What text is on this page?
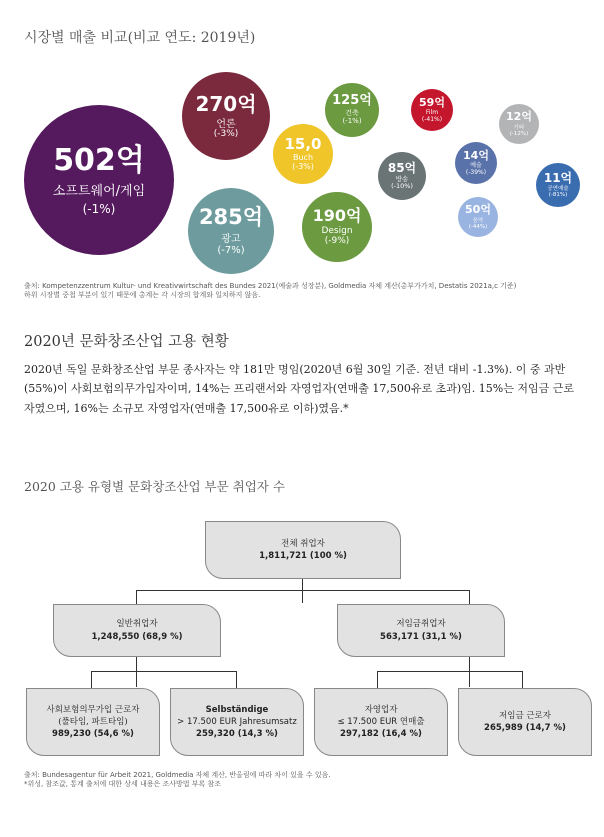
시장별 매출 비교(비교 연도: 2019년)
502억
소프트웨어/게임
(-1%)
270억
언론
(-3%)
285억
광고
(-7%)
15,0
Buch
(-3%)
125억
건축
(-1%)
190억
Design
(-9%)
59억
Film
(-41%)
85억
방송
(-10%)
14억
예술
(-39%)
12억
기타
(-12%)
50억
음악
(-44%)
11억
공연예술
(-81%)
출처: Kompetenzzentrum Kultur- und Kreativwirtschaft des Bundes 2021(예술과 성장분), Goldmedia 자체 계산(총부가가치, Destatis 2021a,c 기준)
하위 시장별 중첩 부분이 있기 때문에 총계는 각 시장의 합계와 일치하지 않음.
2020년 문화창조산업 고용 현황
2020년 독일 문화창조산업 부문 종사자는 약 181만 명임(2020년 6월 30일 기준. 전년 대비 -1.3%). 이 중 과반(55%)이 사회보험의무가입자이며, 14%는 프리랜서와 자영업자(연매출 17,500유로 초과)임. 15%는 저임금 근로자였으며, 16%는 소규모 자영업자(연매출 17,500유로 이하)였음.*
2020 고용 유형별 문화창조산업 부문 취업자 수
전체 취업자
1,811,721 (100 %)
일반취업자
1,248,550 (68,9 %)
저임금취업자
563,171 (31,1 %)
사회보험의무가입 근로자
(풀타임, 파트타임)
989,230 (54,6 %)
Selbständige
> 17.500 EUR Jahresumsatz
259,320 (14,3 %)
자영업자
≤ 17.500 EUR 연매출
297,182 (16,4 %)
저임금 근로자
265,989 (14,7 %)
출처: Bundesagentur für Arbeit 2021, Goldmedia 자체 계산, 반올림에 따라 차이 있을 수 있음.
*위성, 참조값, 통계 출처에 대한 상세 내용은 조사방법 부록 참조
